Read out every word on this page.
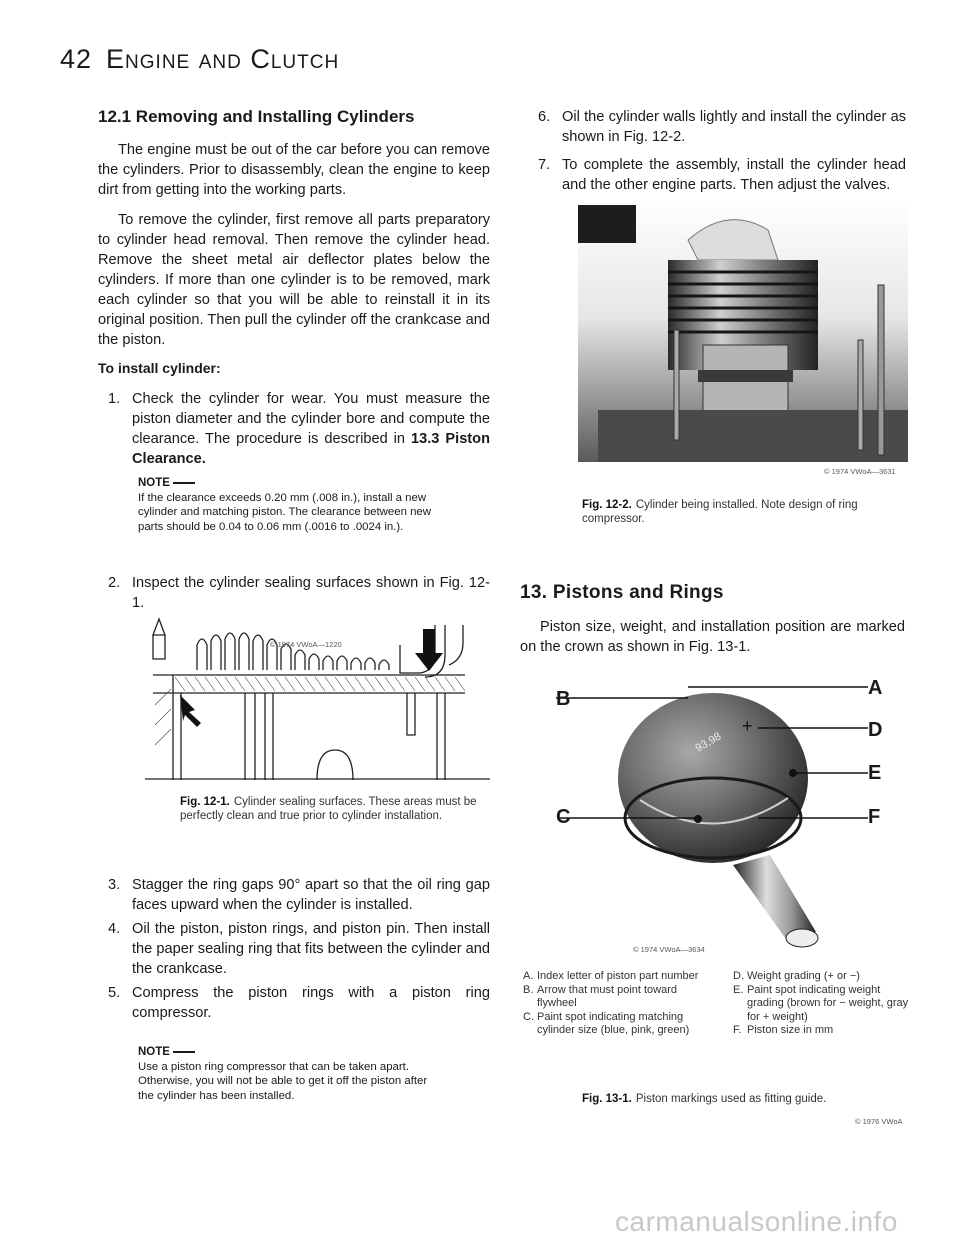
42 Engine and Clutch
12.1 Removing and Installing Cylinders
The engine must be out of the car before you can remove the cylinders. Prior to disassembly, clean the engine to keep dirt from getting into the working parts.
To remove the cylinder, first remove all parts preparatory to cylinder head removal. Then remove the cylinder head. Remove the sheet metal air deflector plates below the cylinders. If more than one cylinder is to be removed, mark each cylinder so that you will be able to reinstall it in its original position. Then pull the cylinder off the crankcase and the piston.
To install cylinder:
1. Check the cylinder for wear. You must measure the piston diameter and the cylinder bore and compute the clearance. The procedure is described in 13.3 Piston Clearance.
NOTE
If the clearance exceeds 0.20 mm (.008 in.), install a new cylinder and matching piston. The clearance between new parts should be 0.04 to 0.06 mm (.0016 to .0024 in.).
2. Inspect the cylinder sealing surfaces shown in Fig. 12-1.
© 1974 VWoA—1220
Fig. 12-1. Cylinder sealing surfaces. These areas must be perfectly clean and true prior to cylinder installation.
3. Stagger the ring gaps 90° apart so that the oil ring gap faces upward when the cylinder is installed.
4. Oil the piston, piston rings, and piston pin. Then install the paper sealing ring that fits between the cylinder and the crankcase.
5. Compress the piston rings with a piston ring compressor.
NOTE
Use a piston ring compressor that can be taken apart. Otherwise, you will not be able to get it off the piston after the cylinder has been installed.
6. Oil the cylinder walls lightly and install the cylinder as shown in Fig. 12-2.
7. To complete the assembly, install the cylinder head and the other engine parts. Then adjust the valves.
© 1974 VWoA—3631
Fig. 12-2. Cylinder being installed. Note design of ring compressor.
13. Pistons and Rings
Piston size, weight, and installation position are marked on the crown as shown in Fig. 13-1.
93,98
+
© 1974 VWoA—3634
A
B
C
D
E
F
A. Index letter of piston part number
B. Arrow that must point toward flywheel
C. Paint spot indicating matching cylinder size (blue, pink, green)
D. Weight grading (+ or −)
E. Paint spot indicating weight grading (brown for − weight, gray for + weight)
F. Piston size in mm
Fig. 13-1. Piston markings used as fitting guide.
© 1976 VWoA
carmanualsonline.info
